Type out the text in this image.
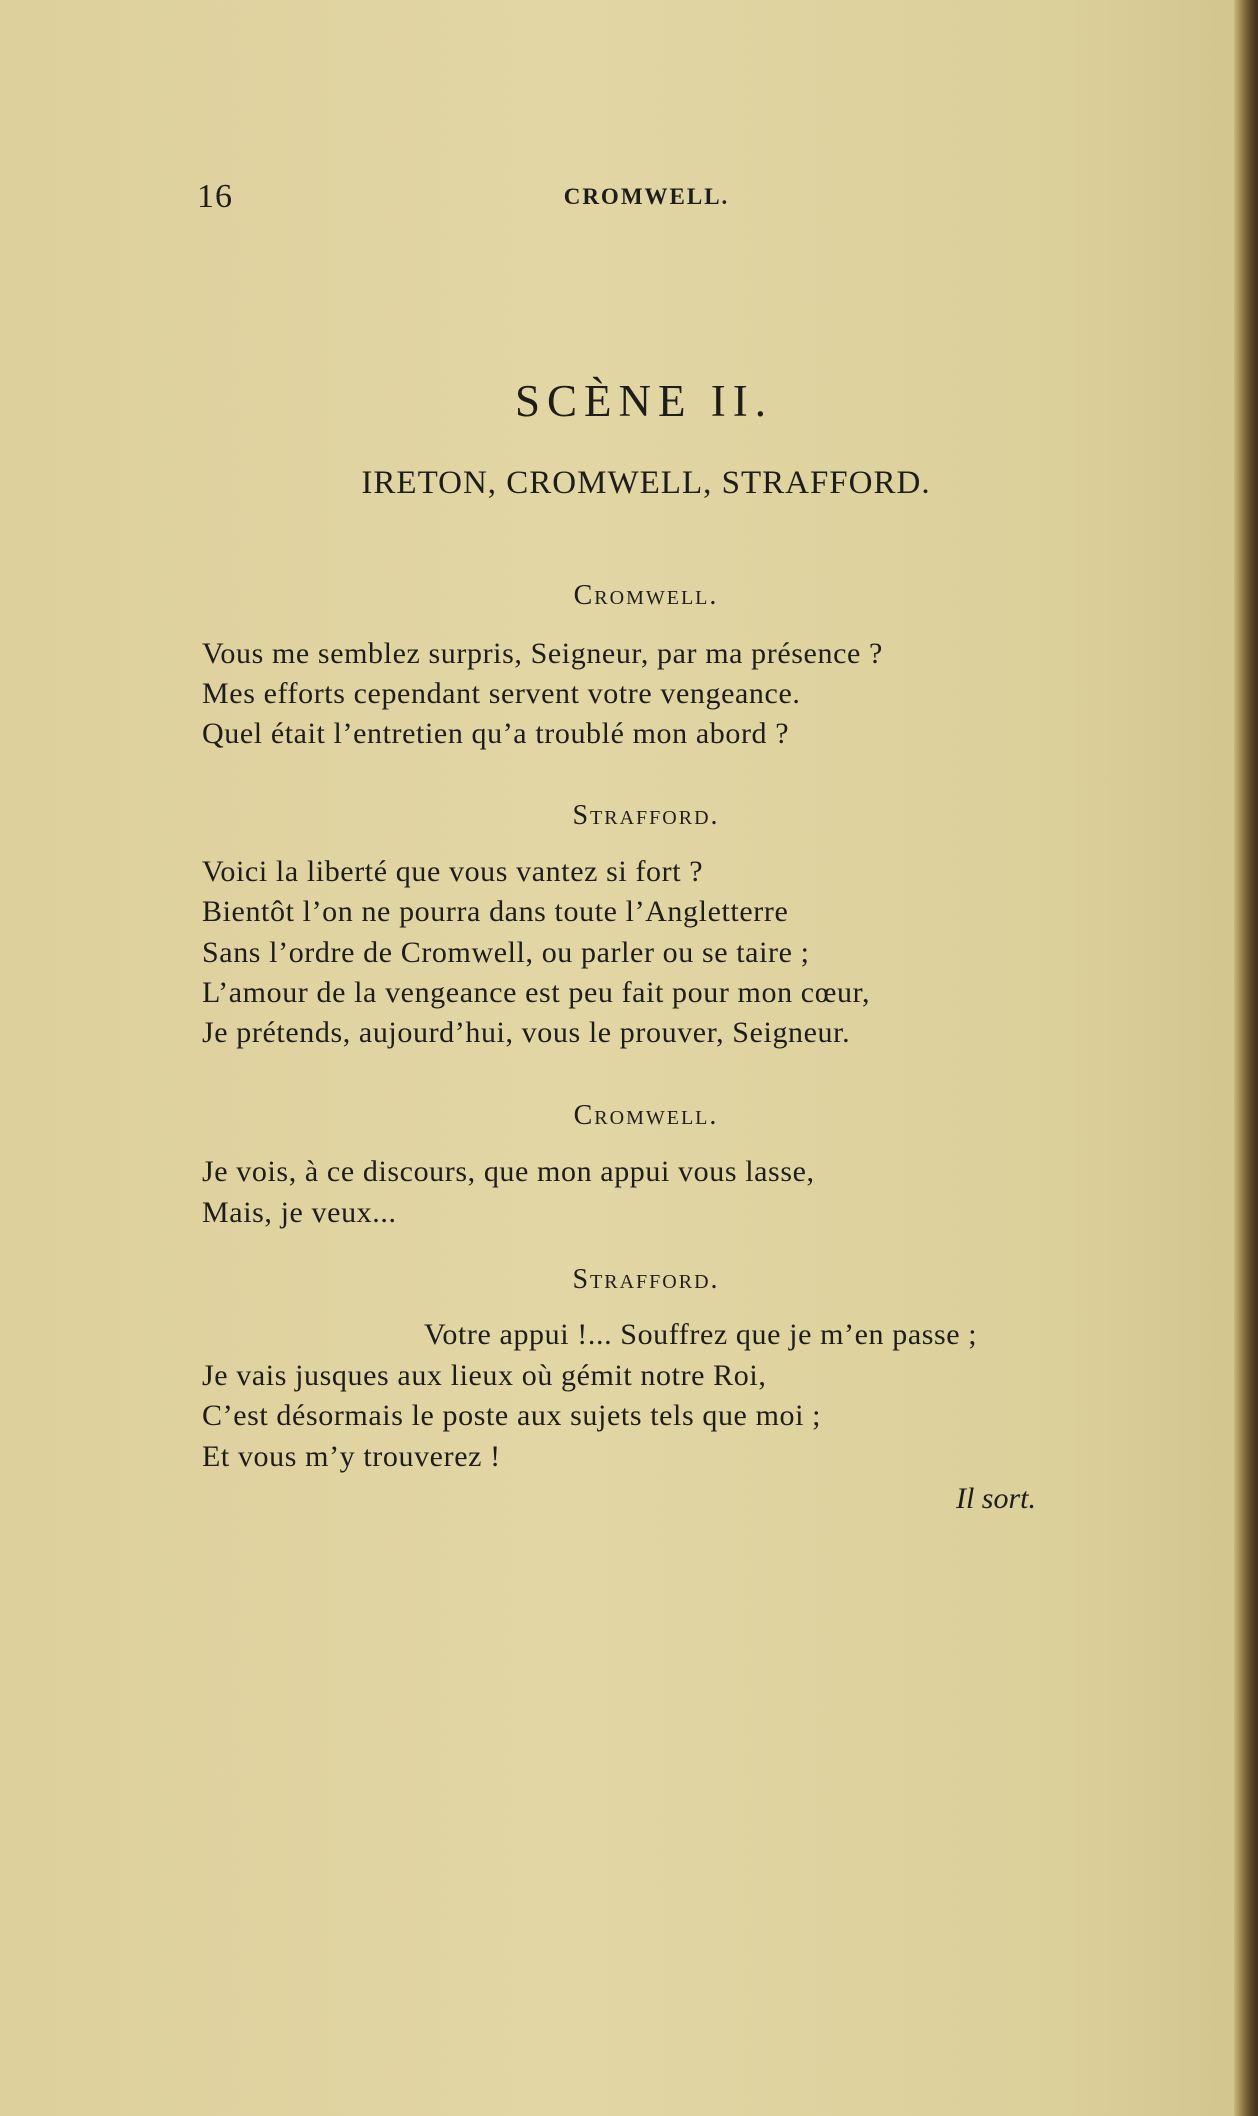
16	CROMWELL.
SCÈNE II.
IRETON, CROMWELL, STRAFFORD.
Cromwell.
Vous me semblez surpris, Seigneur, par ma présence ?
Mes efforts cependant servent votre vengeance.
Quel était l’entretien qu’a troublé mon abord ?
Strafford.
Voici la liberté que vous vantez si fort ?
Bientôt l’on ne pourra dans toute l’Angletterre
Sans l’ordre de Cromwell, ou parler ou se taire ;
L’amour de la vengeance est peu fait pour mon cœur,
Je prétends, aujourd’hui, vous le prouver, Seigneur.
Cromwell.
Je vois, à ce discours, que mon appui vous lasse,
Mais, je veux...
Strafford.
Votre appui !... Souffrez que je m’en passe ;
Je vais jusques aux lieux où gémit notre Roi,
C’est désormais le poste aux sujets tels que moi ;
Et vous m’y trouverez !
Il sort.
